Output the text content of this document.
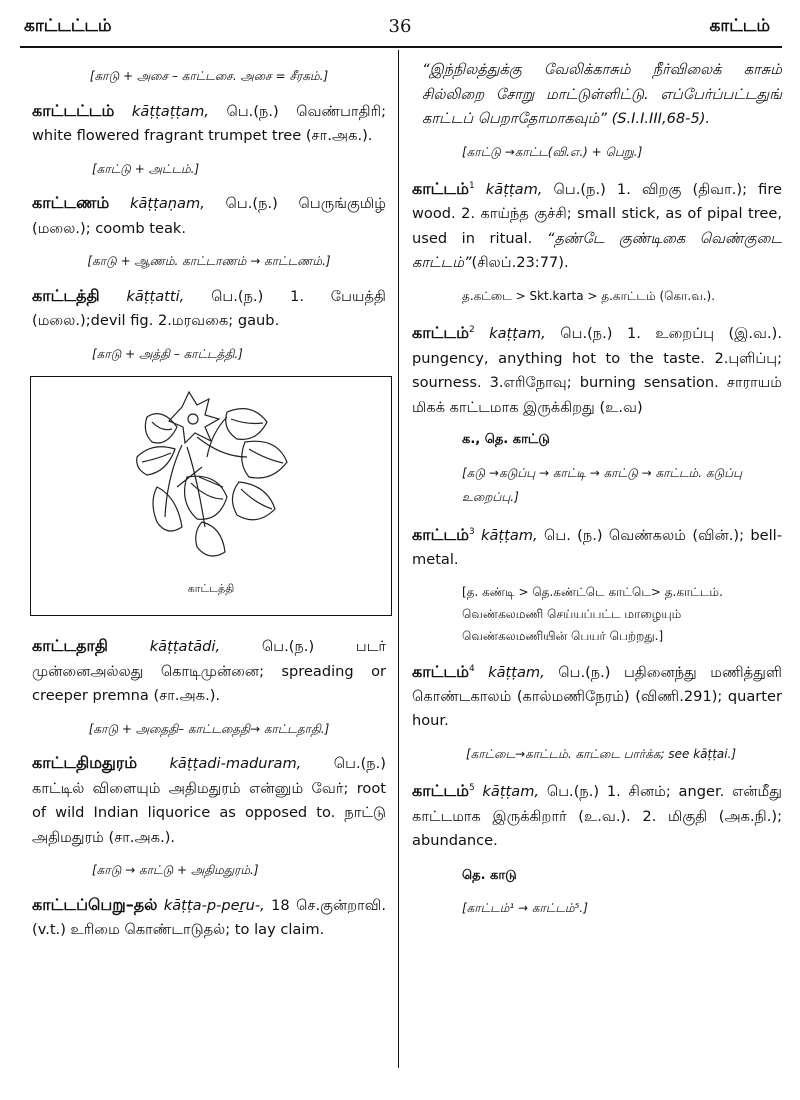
காட்டட்டம்	36	காட்டம்
[காடு + அசை – காட்டசை. அசை = சீரகம்.]
காட்டட்டம் kāṭṭaṭṭam, பெ.(ந.) வெண்பாதிரி; white flowered fragrant trumpet tree (சா.அக.).
[காட்டு + அட்டம்.]
காட்டணம் kāṭṭaṇam, பெ.(ந.) பெருங்குமிழ் (மலை.); coomb teak.
[காடு + ஆணம். காட்டாணம் → காட்டணம்.]
காட்டத்தி kāṭṭatti, பெ.(ந.) 1. பேயத்தி (மலை.);devil fig. 2.மரவகை; gaub.
[காடு + அத்தி – காட்டத்தி.]
காட்டத்தி
காட்டதாதி	kāṭṭatādi, பெ.(ந.) படர் முன்னைஅல்லது கொடிமுன்னை; spreading or creeper premna (சா.அக.).
[காடு + அதைதி– காட்டதைதி→ காட்டதாதி.]
காட்டதிமதுரம் kāṭṭadi-maduram, பெ.(ந.) காட்டில் விளையும் அதிமதுரம் என்னும் வேர்; root of wild Indian liquorice as opposed to. நாட்டு அதிமதுரம் (சா.அக.).
[காடு → காட்டு + அதிமதுரம்.]
காட்டப்பெறு–தல் kāṭṭa-p-peṟu-, 18 செ.குன்றாவி. (v.t.) உரிமை கொண்டாடுதல்; to lay claim.
“இந்நிலத்துக்கு வேலிக்காசும் நீர்விலைக் காசும் சில்லிறை சோறு மாட்டுள்ளிட்டு. எப்பேர்ப்பட்டதுங் காட்டப் பெறாதோமாகவும்” (S.I.I.III,68-5).
[காட்டு →காட்ட(வி.எ.) + பெறு.]
காட்டம்$^1$ kāṭṭam, பெ.(ந.) 1. விறகு (திவா.); fire wood. 2. காய்ந்த குச்சி; small stick, as of pipal tree, used in ritual. “தண்டே குண்டிகை வெண்குடை காட்டம்”(சிலப்.23:77).
த.கட்டை > Skt.karta > த.காட்டம் (கொ.வ.).
காட்டம்$^2$ kaṭṭam, பெ.(ந.) 1. உறைப்பு (இ.வ.). pungency, anything hot to the taste. 2.புளிப்பு; sourness. 3.எரிநோவு; burning sensation. சாராயம் மிகக் காட்டமாக இருக்கிறது (உ.வ)
க., தெ. காட்டு
[கடு →கடுப்பு → காட்டி → காட்டு → காட்டம். கடுப்பு உறைப்பு.]
காட்டம்$^3$ kāṭṭam, பெ. (ந.) வெண்கலம் (வின்.); bell-metal.
[த. கண்டி > தெ.கண்ட்டெ காட்டெ> த.காட்டம். வெண்கலமணி செய்யப்பட்ட மாழையும் வெண்கலமணியின் பெயர் பெற்றது.]
காட்டம்$^4$ kāṭṭam, பெ.(ந.) பதினைந்து மணித்துளி கொண்டகாலம் (கால்மணிநேரம்) (விணி.291); quarter hour.
[காட்டை→காட்டம். காட்டை பார்க்க; see kāṭṭai.]
காட்டம்$^5$ kāṭṭam, பெ.(ந.) 1. சினம்; anger. என்மீது காட்டமாக இருக்கிறார் (உ.வ.). 2. மிகுதி (அக.நி.); abundance.
தெ. காடு
[காட்டம்¹ → காட்டம்⁵.]
